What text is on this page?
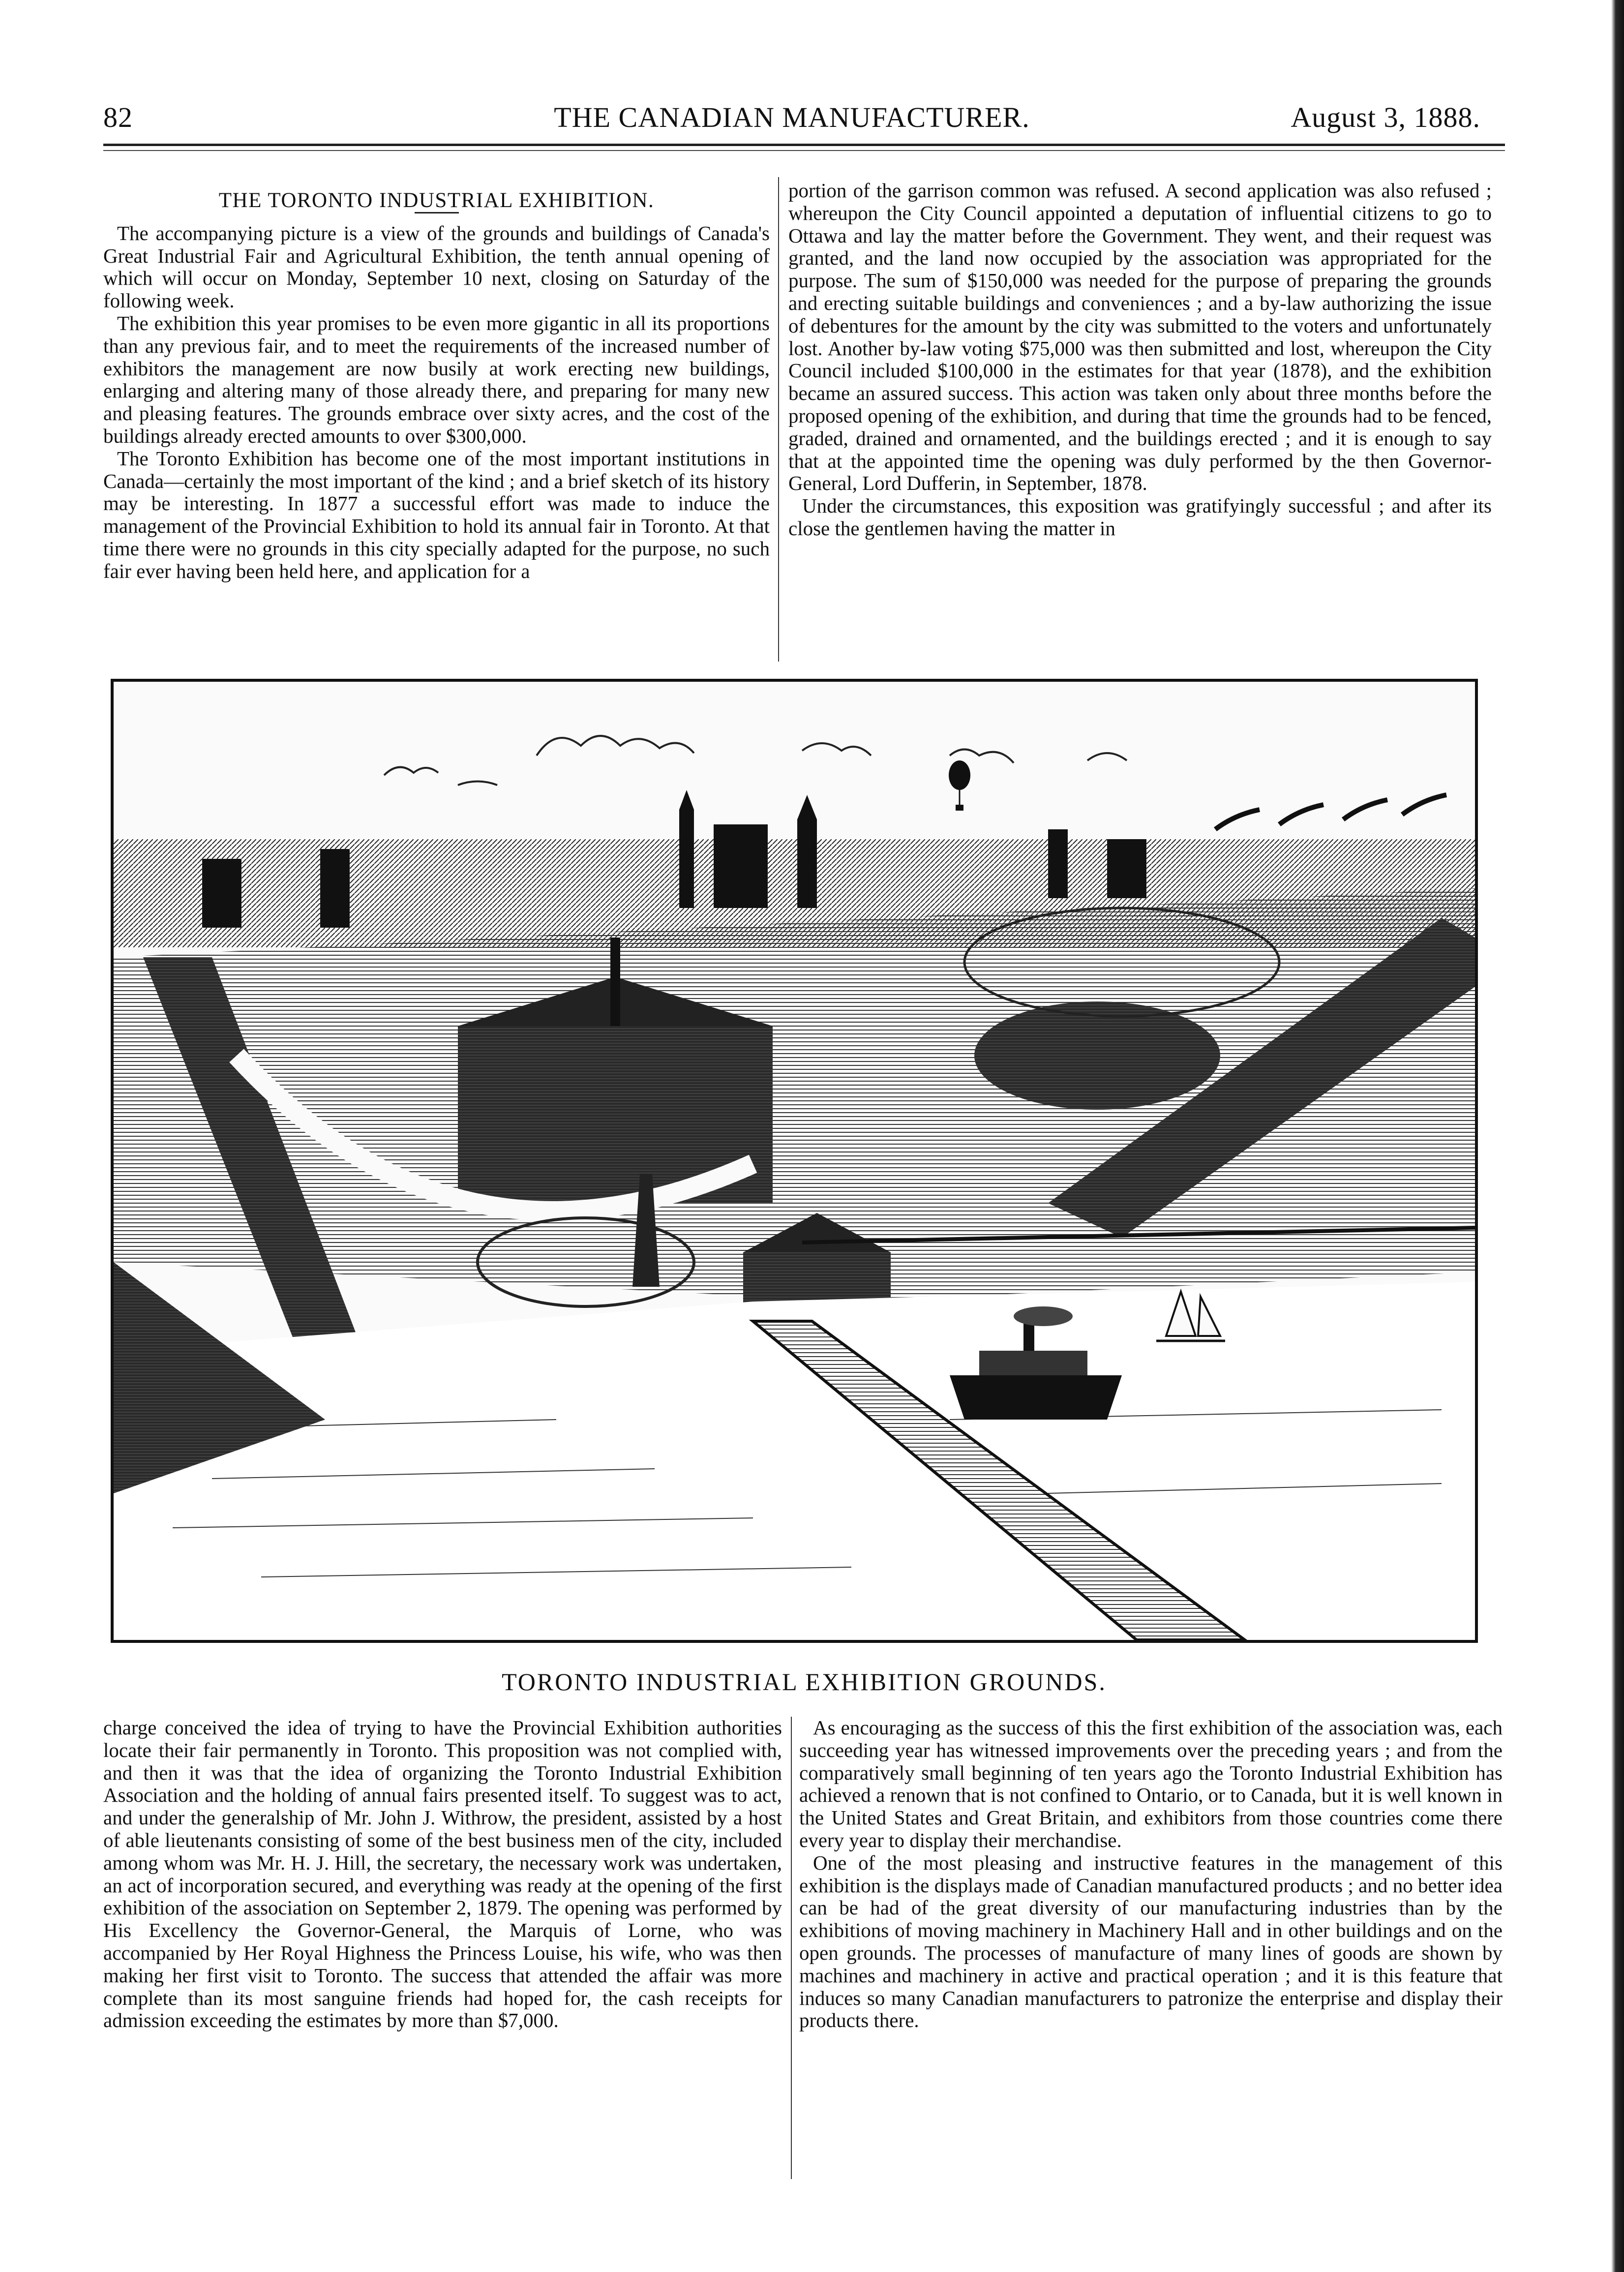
82	THE CANADIAN MANUFACTURER.	August 3, 1888.

THE TORONTO INDUSTRIAL EXHIBITION.

The accompanying picture is a view of the grounds and buildings of Canada's Great Industrial Fair and Agricultural Exhibition, the tenth annual opening of which will occur on Monday, September 10 next, closing on Saturday of the following week.

The exhibition this year promises to be even more gigantic in all its proportions than any previous fair, and to meet the requirements of the increased number of exhibitors the management are now busily at work erecting new buildings, enlarging and altering many of those already there, and preparing for many new and pleasing features. The grounds embrace over sixty acres, and the cost of the buildings already erected amounts to over $300,000.

The Toronto Exhibition has become one of the most important institutions in Canada—certainly the most important of the kind ; and a brief sketch of its history may be interesting. In 1877 a successful effort was made to induce the management of the Provincial Exhibition to hold its annual fair in Toronto. At that time there were no grounds in this city specially adapted for the purpose, no such fair ever having been held here, and application for a

portion of the garrison common was refused. A second application was also refused ; whereupon the City Council appointed a deputation of influential citizens to go to Ottawa and lay the matter before the Government. They went, and their request was granted, and the land now occupied by the association was appropriated for the purpose. The sum of $150,000 was needed for the purpose of preparing the grounds and erecting suitable buildings and conveniences ; and a by-law authorizing the issue of debentures for the amount by the city was submitted to the voters and unfortunately lost. Another by-law voting $75,000 was then submitted and lost, whereupon the City Council included $100,000 in the estimates for that year (1878), and the exhibition became an assured success. This action was taken only about three months before the proposed opening of the exhibition, and during that time the grounds had to be fenced, graded, drained and ornamented, and the buildings erected ; and it is enough to say that at the appointed time the opening was duly performed by the then Governor-General, Lord Dufferin, in September, 1878.

Under the circumstances, this exposition was gratifyingly successful ; and after its close the gentlemen having the matter in

TORONTO INDUSTRIAL EXHIBITION GROUNDS.

charge conceived the idea of trying to have the Provincial Exhibition authorities locate their fair permanently in Toronto. This proposition was not complied with, and then it was that the idea of organizing the Toronto Industrial Exhibition Association and the holding of annual fairs presented itself. To suggest was to act, and under the generalship of Mr. John J. Withrow, the president, assisted by a host of able lieutenants consisting of some of the best business men of the city, included among whom was Mr. H. J. Hill, the secretary, the necessary work was undertaken, an act of incorporation secured, and everything was ready at the opening of the first exhibition of the association on September 2, 1879. The opening was performed by His Excellency the Governor-General, the Marquis of Lorne, who was accompanied by Her Royal Highness the Princess Louise, his wife, who was then making her first visit to Toronto. The success that attended the affair was more complete than its most sanguine friends had hoped for, the cash receipts for admission exceeding the estimates by more than $7,000.

As encouraging as the success of this the first exhibition of the association was, each succeeding year has witnessed improvements over the preceding years ; and from the comparatively small beginning of ten years ago the Toronto Industrial Exhibition has achieved a renown that is not confined to Ontario, or to Canada, but it is well known in the United States and Great Britain, and exhibitors from those countries come there every year to display their merchandise.

One of the most pleasing and instructive features in the management of this exhibition is the displays made of Canadian manufactured products ; and no better idea can be had of the great diversity of our manufacturing industries than by the exhibitions of moving machinery in Machinery Hall and in other buildings and on the open grounds. The processes of manufacture of many lines of goods are shown by machines and machinery in active and practical operation ; and it is this feature that induces so many Canadian manufacturers to patronize the enterprise and display their products there.
